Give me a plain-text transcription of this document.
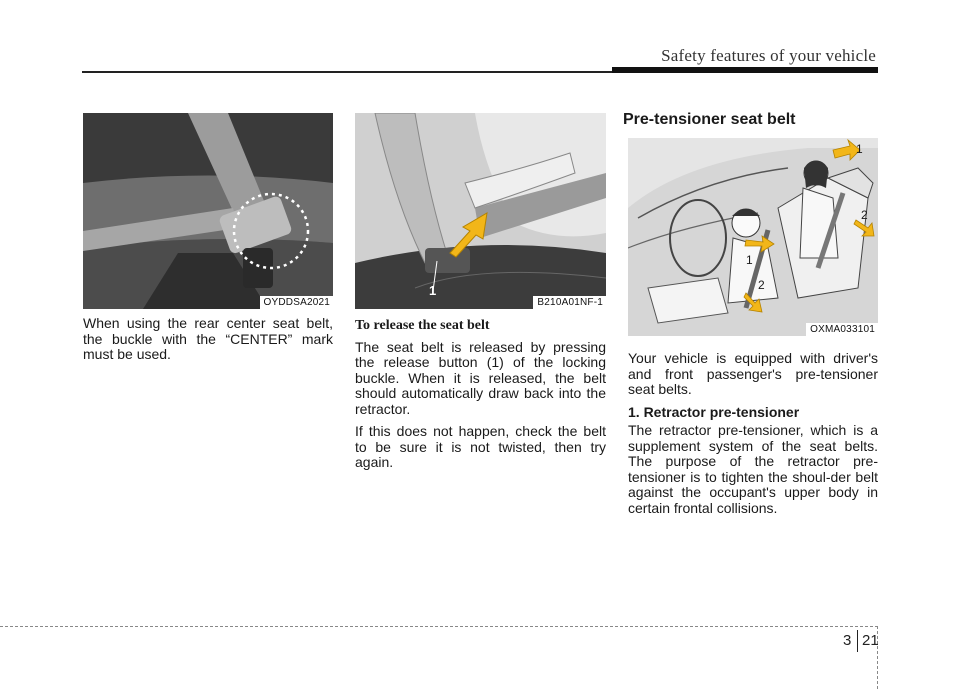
Safety features of your vehicle
OYDDSA2021
1
B210A01NF-1
1
2
1
2
OXMA033101

When using the rear center seat belt, the buckle with the “CENTER” mark must be used.

To release the seat belt

The seat belt is released by pressing the release button (1) of the locking buckle. When it is released, the belt should automatically draw back into the retractor.

If this does not happen, check the belt to be sure it is not twisted, then try again.

Pre-tensioner seat belt

Your vehicle is equipped with driver's and front passenger's pre-tensioner seat belts.

1. Retractor pre-tensioner

The retractor pre-tensioner, which is a supplement system of the seat belts. The purpose of the retractor pre-tensioner is to tighten the shoul-der belt against the occupant's upper body in certain frontal collisions.

3 21
